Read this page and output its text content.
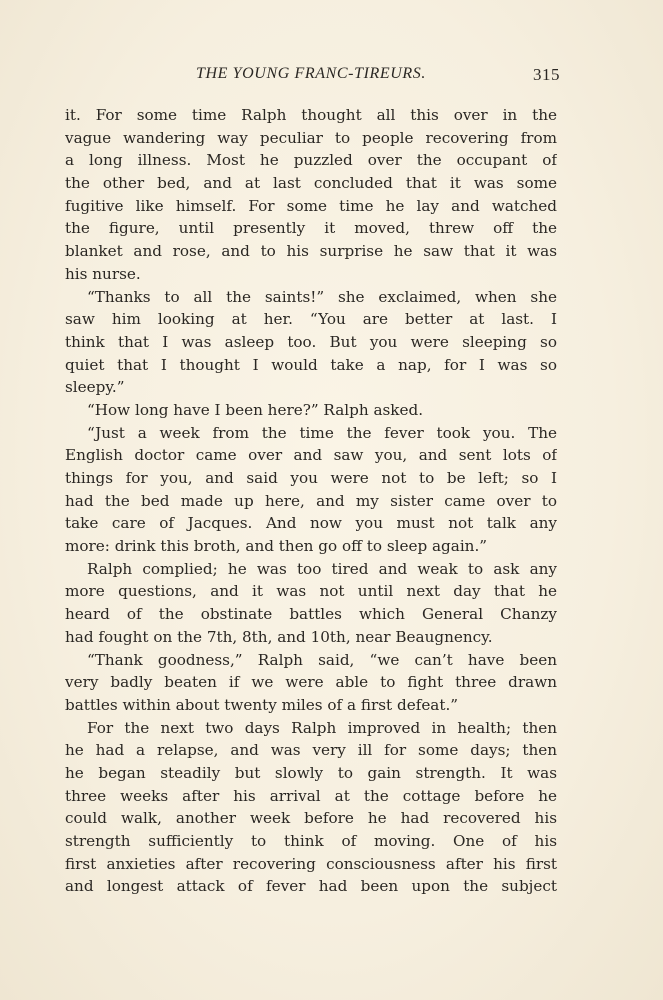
THE YOUNG FRANC-TIREURS.	315
it. For some time Ralph thought all this over in the
vague wandering way peculiar to people recovering from
a long illness. Most he puzzled over the occupant of
the other bed, and at last concluded that it was some
fugitive like himself. For some time he lay and watched
the figure, until presently it moved, threw off the
blanket and rose, and to his surprise he saw that it was
his nurse.
“Thanks to all the saints!” she exclaimed, when she
saw him looking at her. “You are better at last. I
think that I was asleep too. But you were sleeping so
quiet that I thought I would take a nap, for I was so
sleepy.”
“How long have I been here?” Ralph asked.
“Just a week from the time the fever took you. The
English doctor came over and saw you, and sent lots of
things for you, and said you were not to be left; so I
had the bed made up here, and my sister came over to
take care of Jacques. And now you must not talk any
more: drink this broth, and then go off to sleep again.”
Ralph complied; he was too tired and weak to ask any
more questions, and it was not until next day that he
heard of the obstinate battles which General Chanzy
had fought on the 7th, 8th, and 10th, near Beaugnency.
“Thank goodness,” Ralph said, “we can’t have been
very badly beaten if we were able to fight three drawn
battles within about twenty miles of a first defeat.”
For the next two days Ralph improved in health; then
he had a relapse, and was very ill for some days; then
he began steadily but slowly to gain strength. It was
three weeks after his arrival at the cottage before he
could walk, another week before he had recovered his
strength sufficiently to think of moving. One of his
first anxieties after recovering consciousness after his first
and longest attack of fever had been upon the subject
